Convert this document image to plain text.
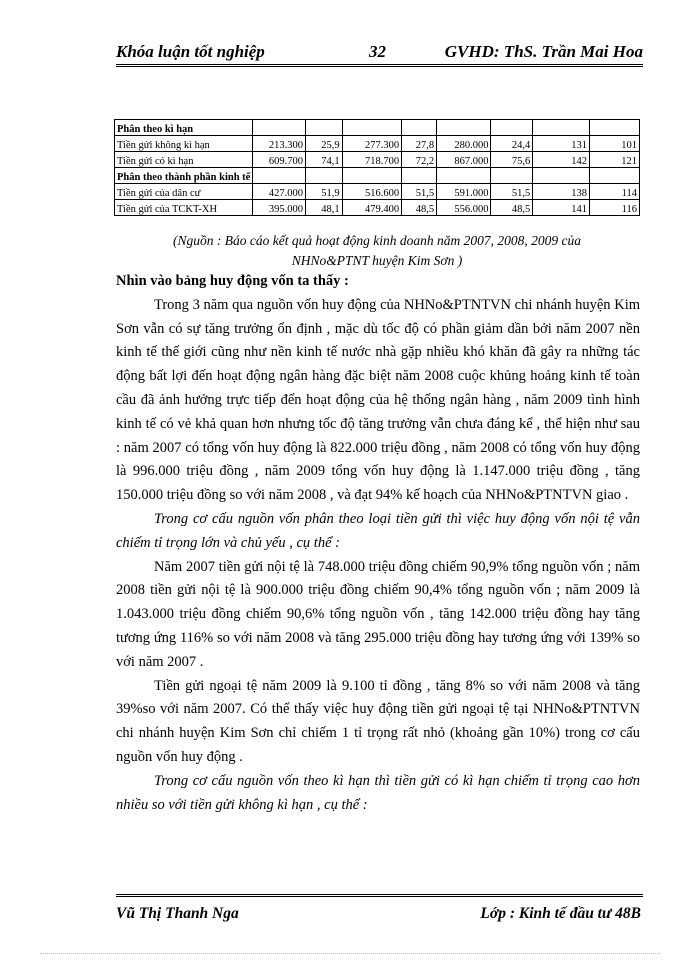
Khóa luận tốt nghiệp	32	GVHD: ThS. Trần Mai Hoa
Phân theo kì hạn								
Tiền gửi không kì hạn	213.300	25,9	277.300	27,8	280.000	24,4	131	101
Tiền gửi có kì hạn	609.700	74,1	718.700	72,2	867.000	75,6	142	121
Phân theo thành phần kinh tế								
Tiền gửi của dân cư	427.000	51,9	516.600	51,5	591.000	51,5	138	114
Tiền gửi của TCKT-XH	395.000	48,1	479.400	48,5	556.000	48,5	141	116
(Nguồn : Báo cáo kết quả hoạt động kinh doanh năm 2007, 2008, 2009 của
NHNo&PTNT huyện Kim Sơn )

Nhìn vào bảng huy động vốn ta thấy :

Trong 3 năm qua nguồn vốn huy động của NHNo&PTNTVN chi nhánh huyện Kim Sơn vẫn có sự tăng trưởng ổn định , mặc dù tốc độ có phần giảm dần bởi năm 2007 nền kinh tế thế giới cũng như nền kinh tế nước nhà gặp nhiều khó khăn đã gây ra những tác động bất lợi đến hoạt động ngân hàng đặc biệt năm 2008 cuộc khủng hoảng kinh tế toàn cầu đã ảnh hưởng trực tiếp đến hoạt động của hệ thống ngân hàng , năm 2009 tình hình kinh tế có vẻ khả quan hơn nhưng tốc độ tăng trưởng vẫn chưa đáng kể , thể hiện như sau : năm 2007 có tổng vốn huy động là 822.000 triệu đồng , năm 2008 có tổng vốn huy động là 996.000 triệu đồng , năm 2009 tổng vốn huy động là 1.147.000 triệu đồng , tăng 150.000 triệu đồng so với năm 2008 , và đạt 94% kế hoạch của NHNo&PTNTVN giao .

Trong cơ cấu nguồn vốn phân theo loại tiền gửi thì việc huy động vốn nội tệ vẫn chiếm tỉ trọng lớn và chủ yếu , cụ thể :

Năm 2007 tiền gửi nội tệ là 748.000 triệu đồng chiếm 90,9% tổng nguồn vốn ; năm 2008 tiền gửi nội tệ là 900.000 triệu đồng chiếm 90,4% tổng nguồn vốn ; năm 2009 là 1.043.000 triệu đồng chiếm 90,6% tổng nguồn vốn , tăng 142.000 triệu đồng hay tăng tương ứng 116% so với năm 2008 và tăng 295.000 triệu đồng hay tương ứng với 139% so với năm 2007 .

Tiền gửi ngoại tệ năm 2009 là 9.100 tỉ đồng , tăng 8% so với năm 2008 và tăng 39%so với năm 2007. Có thể thấy việc huy động tiền gửi ngoại tệ tại NHNo&PTNTVN chi nhánh huyện Kim Sơn chỉ chiếm 1 tỉ trọng rất nhỏ (khoảng gần 10%) trong cơ cấu nguồn vốn huy động .

Trong cơ cấu nguồn vốn theo kì hạn thì tiền gửi có kì hạn chiếm tỉ trọng cao hơn nhiều so với tiền gửi không kì hạn , cụ thể :

Vũ Thị Thanh Nga	Lớp : Kinh tế đầu tư 48B
